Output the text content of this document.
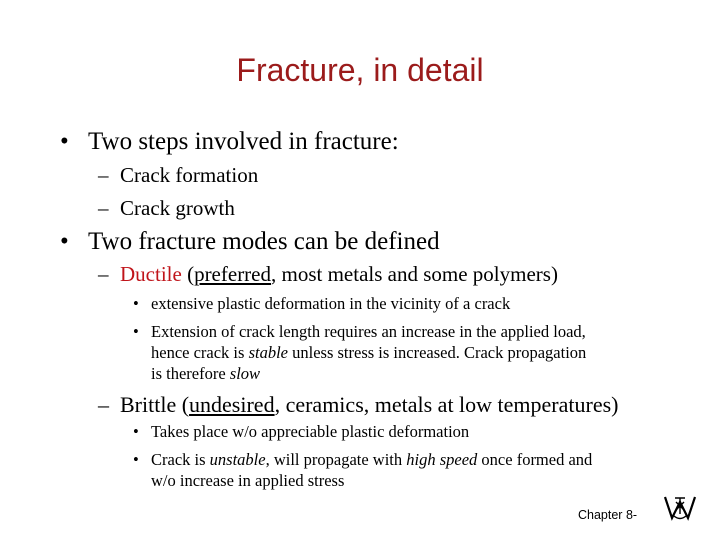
Fracture, in detail
• Two steps involved in fracture:
– Crack formation
– Crack growth
• Two fracture modes can be defined
– Ductile (preferred, most metals and some polymers)
• extensive plastic deformation in the vicinity of a crack
• Extension of crack length requires an increase in the applied load,
hence crack is stable unless stress is increased. Crack propagation
is therefore slow
– Brittle (undesired, ceramics, metals at low temperatures)
• Takes place w/o appreciable plastic deformation
• Crack is unstable, will propagate with high speed once formed and
w/o increase in applied stress
Chapter 8-
